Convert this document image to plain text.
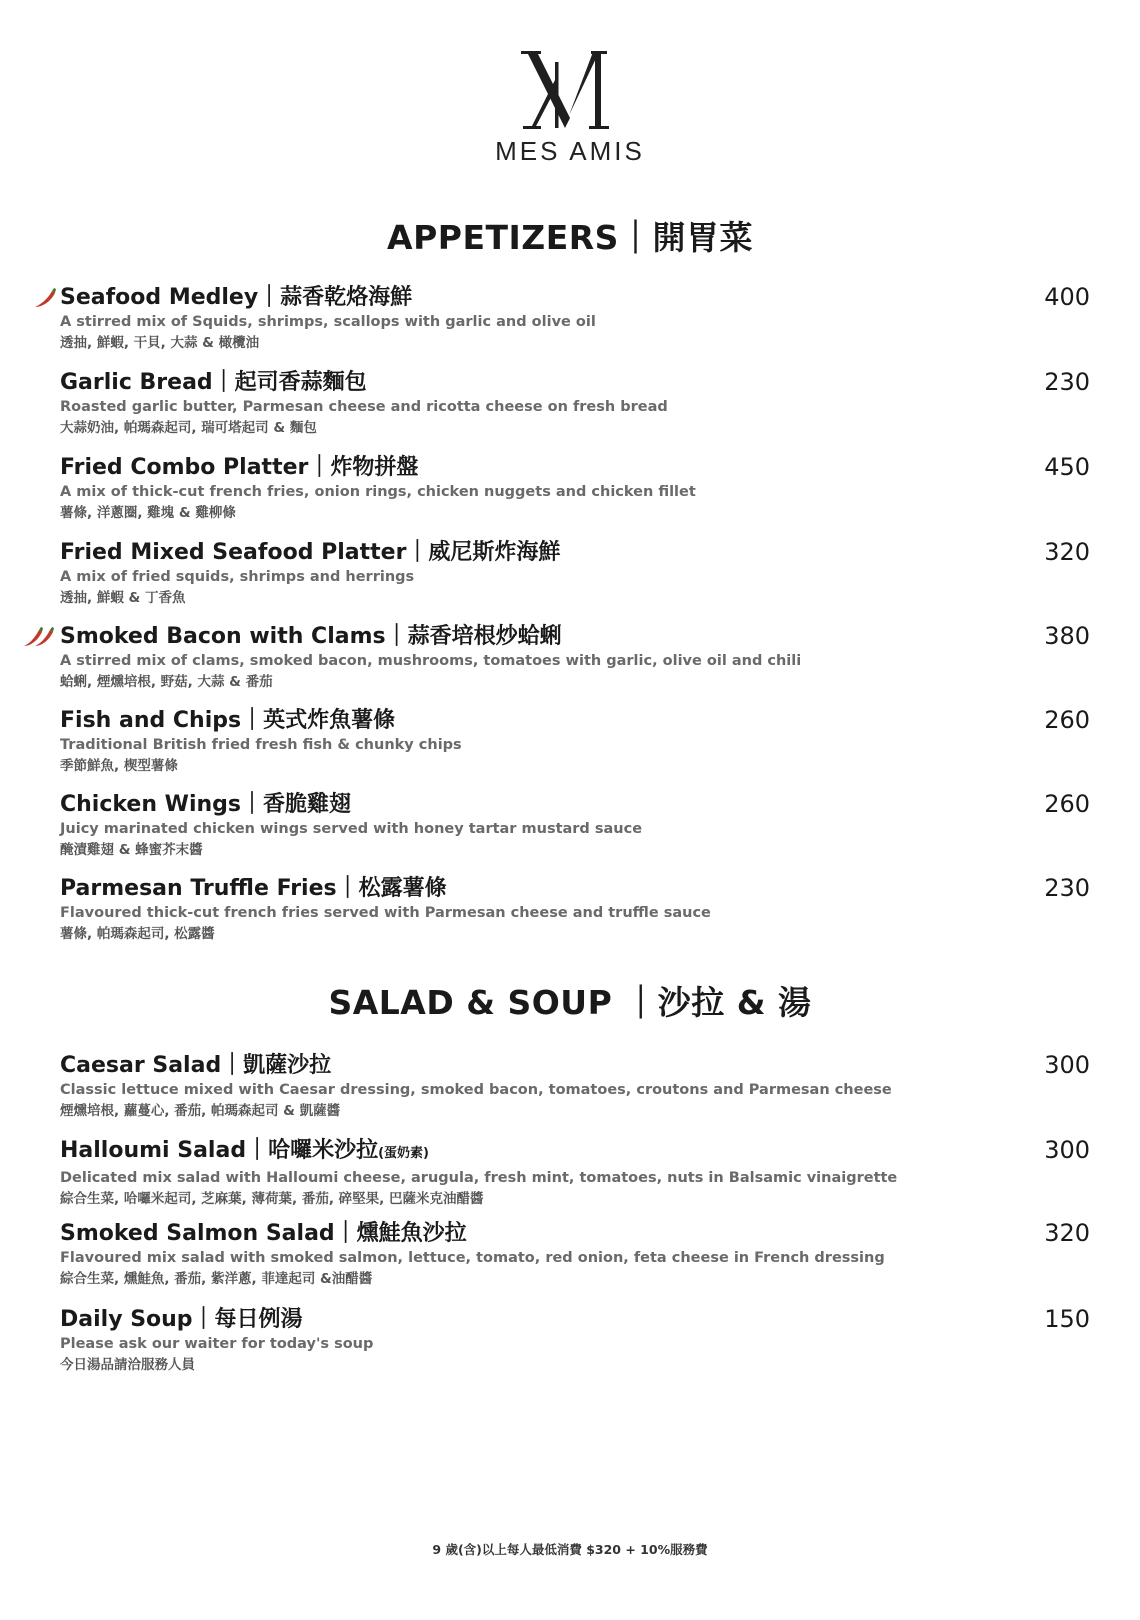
MES AMIS
APPETIZERS｜開胃菜
Seafood Medley｜蒜香乾烙海鮮
A stirred mix of Squids, shrimps, scallops with garlic and olive oil
透抽, 鮮蝦, 干貝, 大蒜 & 橄欖油
400
Garlic Bread｜起司香蒜麵包
Roasted garlic butter, Parmesan cheese and ricotta cheese on fresh bread
大蒜奶油, 帕瑪森起司, 瑞可塔起司 & 麵包
230
Fried Combo Platter｜炸物拼盤
A mix of thick-cut french fries, onion rings, chicken nuggets and chicken fillet
薯條, 洋蔥圈, 雞塊 & 雞柳條
450
Fried Mixed Seafood Platter｜威尼斯炸海鮮
A mix of fried squids, shrimps and herrings
透抽, 鮮蝦 & 丁香魚
320
Smoked Bacon with Clams｜蒜香培根炒蛤蜊
A stirred mix of clams, smoked bacon, mushrooms, tomatoes with garlic, olive oil and chili
蛤蜊, 煙燻培根, 野菇, 大蒜 & 番茄
380
Fish and Chips｜英式炸魚薯條
Traditional British fried fresh fish & chunky chips
季節鮮魚, 楔型薯條
260
Chicken Wings｜香脆雞翅
Juicy marinated chicken wings served with honey tartar mustard sauce
醃漬雞翅 & 蜂蜜芥末醬
260
Parmesan Truffle Fries｜松露薯條
Flavoured thick-cut french fries served with Parmesan cheese and truffle sauce
薯條, 帕瑪森起司, 松露醬
230
SALAD & SOUP ｜沙拉 & 湯
Caesar Salad｜凱薩沙拉
Classic lettuce mixed with Caesar dressing, smoked bacon, tomatoes, croutons and Parmesan cheese
煙燻培根, 蘿蔓心, 番茄, 帕瑪森起司 & 凱薩醬
300
Halloumi Salad｜哈囉米沙拉(蛋奶素)
Delicated mix salad with Halloumi cheese, arugula, fresh mint, tomatoes, nuts in Balsamic vinaigrette
綜合生菜, 哈囉米起司, 芝麻葉, 薄荷葉, 番茄, 碎堅果, 巴薩米克油醋醬
300
Smoked Salmon Salad｜燻鮭魚沙拉
Flavoured mix salad with smoked salmon, lettuce, tomato, red onion, feta cheese in French dressing
綜合生菜, 燻鮭魚, 番茄, 紫洋蔥, 菲達起司 &油醋醬
320
Daily Soup｜每日例湯
Please ask our waiter for today's soup
今日湯品請洽服務人員
150
9 歲(含)以上每人最低消費 $320 + 10%服務費
